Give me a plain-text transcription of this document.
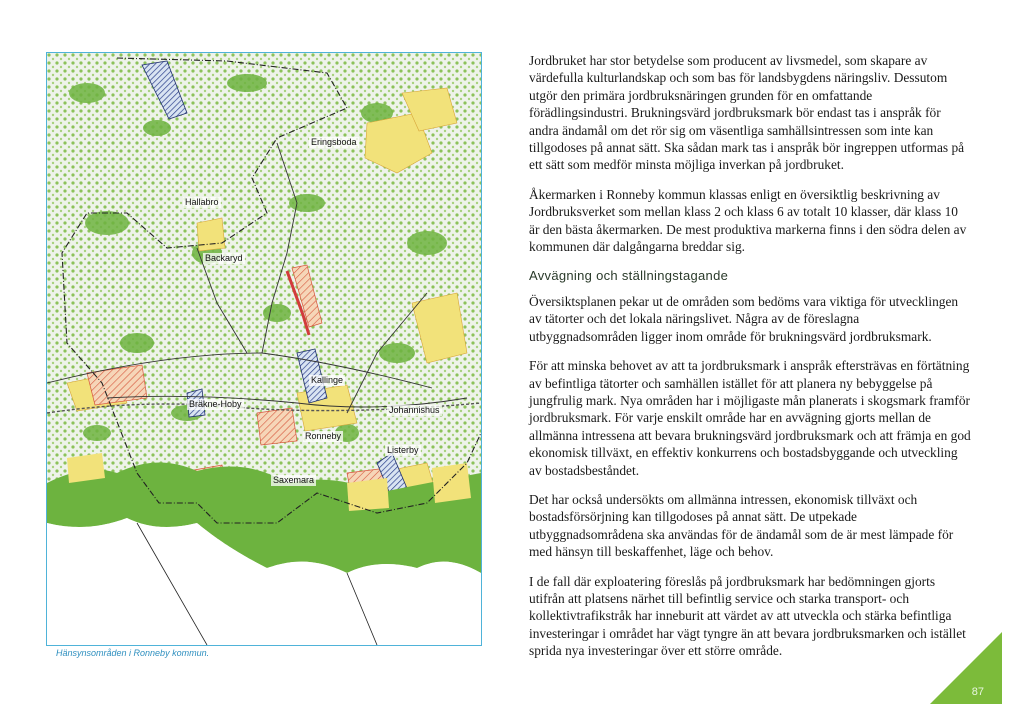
Eringsboda
Hallabro
Backaryd
Kallinge
Bräkne-Hoby
Johannishus
Ronneby
Listerby
Saxemara
Hänsynsområden i Ronneby kommun.

Jordbruket har stor betydelse som producent av livsmedel, som skapare av värdefulla kulturlandskap och som bas för landsbygdens näringsliv. Dessutom utgör den primära jordbruksnäringen grunden för en omfattande förädlingsindustri. Brukningsvärd jordbruksmark bör endast tas i anspråk för andra ändamål om det rör sig om väsentliga samhällsintressen som inte kan tillgodoses på annat sätt. Ska sådan mark tas i anspråk bör ingreppen utformas på ett sätt som medför minsta möjliga inverkan på jordbruket.

Åkermarken i Ronneby kommun klassas enligt en översiktlig beskrivning av Jordbruksverket som mellan klass 2 och klass 6 av totalt 10 klasser, där klass 10 är den bästa åkermarken. De mest produktiva markerna finns i den södra delen av kommunen där dalgångarna breddar sig.

Avvägning och ställningstagande

Översiktsplanen pekar ut de områden som bedöms vara viktiga för utvecklingen av tätorter och det lokala näringslivet. Några av de föreslagna utbyggnadsområden ligger inom område för brukningsvärd jordbruksmark.

För att minska behovet av att ta jordbruksmark i anspråk eftersträvas en förtätning av befintliga tätorter och samhällen istället för att planera ny bebyggelse på jungfrulig mark. Nya områden har i möjligaste mån planerats i skogsmark framför jordbruksmark. För varje enskilt område har en avvägning gjorts mellan de allmänna intressena att bevara brukningsvärd jordbruksmark och att främja en god ekonomisk tillväxt, en effektiv konkurrens och bostadsbyggande och utveckling av bostadsbeståndet.

Det har också undersökts om allmänna intressen, ekonomisk tillväxt och bostadsförsörjning kan tillgodoses på annat sätt. De utpekade utbyggnadsområdena ska användas för de ändamål som de är mest lämpade för med hänsyn till beskaffenhet, läge och behov.

I de fall där exploatering föreslås på jordbruksmark har bedömningen gjorts utifrån att platsens närhet till befintlig service och starka transport- och kollektivtrafikstråk har inneburit att värdet av att utveckla och stärka befintliga investeringar i området har vägt tyngre än att bevara jordbruksmarken och istället sprida nya investeringar över ett större område.

87
